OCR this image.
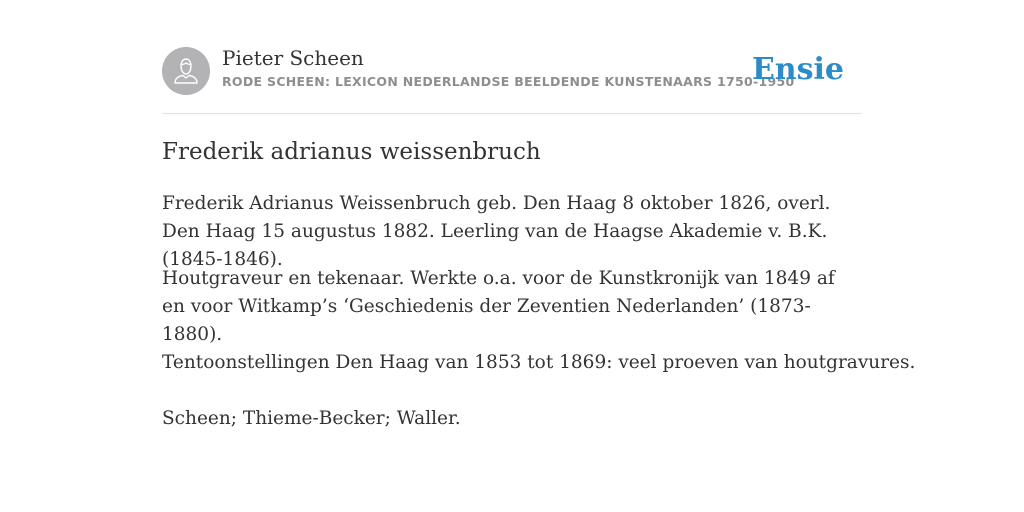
Pieter Scheen
RODE SCHEEN: LEXICON NEDERLANDSE BEELDENDE KUNSTENAARS 1750-1950
Ensie
Frederik adrianus weissenbruch

Frederik Adrianus Weissenbruch geb. Den Haag 8 oktober 1826, overl. Den Haag 15 augustus 1882. Leerling van de Haagse Akademie v. B.K. (1845-1846).

Houtgraveur en tekenaar. Werkte o.a. voor de Kunstkronijk van 1849 af en voor Witkamp’s ‘Geschiedenis der Zeventien Nederlanden’ (1873-1880).

Tentoonstellingen Den Haag van 1853 tot 1869: veel proeven van houtgravures.

Scheen; Thieme-Becker; Waller.
